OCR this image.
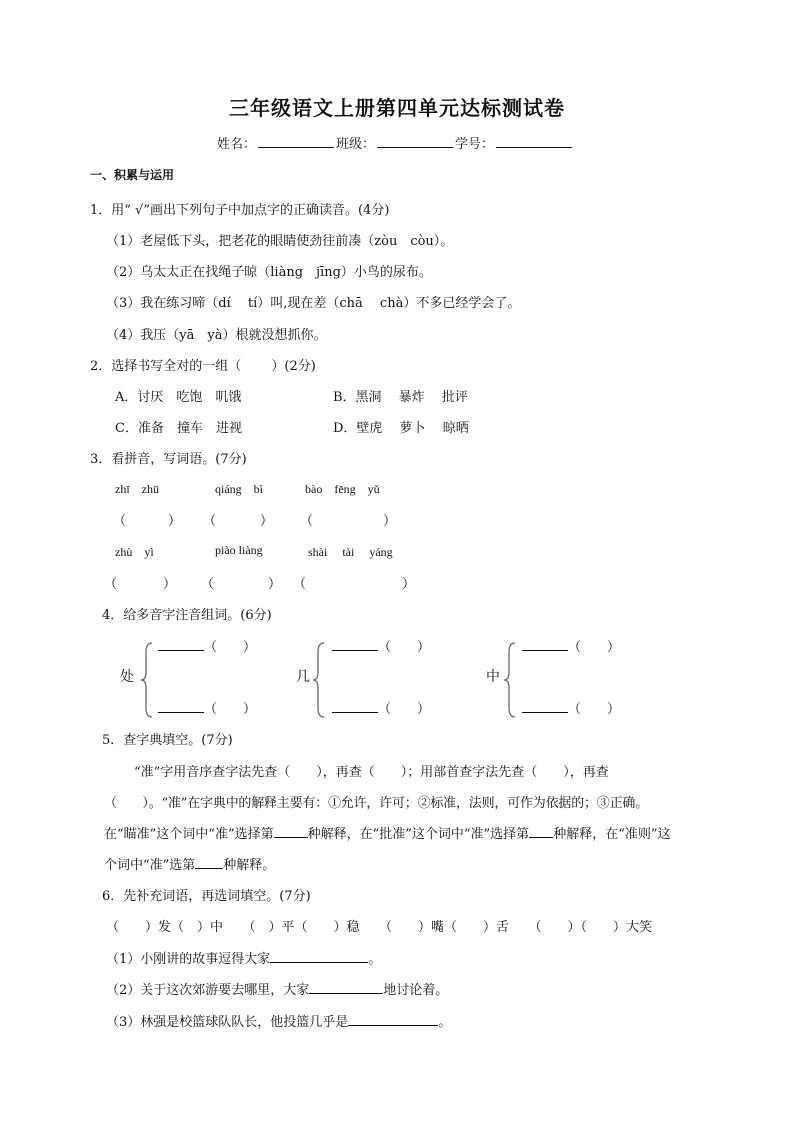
三年级语文上册第四单元达标测试卷
姓名：	班级：	学号：
一、积累与运用
1．用“ √”画出下列句子中加点字的正确读音。(4分)
（1）老屋低下头，把老花的眼睛使劲往前凑（zòu　còu）。
（2）乌太太正在找绳子晾（liàng　jīng）小鸟的尿布。
（3）我在练习啼（dí　 tí）叫,现在差（chā　 chà）不多已经学会了。
（4）我压（yā　yà）根就没想抓你。
2．选择书写全对的一组（　　 ）(2分)
A．讨厌　吃饱　叽饿	B．黑洞　 暴炸　 批评
C．准备　撞车　进视	D．壁虎　 萝卜　 晾晒
3．看拼音，写词语。(7分)
zhī　zhū	qiáng　bì	bào　fēng　yǔ
（	） （	） （	）
zhù　yì	piào liàng	shài　 tài　 yáng
（	） （	） （	）
4．给多音字注音组词。(6分)
处
（　　）
（　　）
几
（　　）
（　　）
中
（　　）
（　　）
5．查字典填空。(7分)
“准”字用音序查字法先查（　　），再查（　　）；用部首查字法先查（　　），再查
（　　）。“准”在字典中的解释主要有：①允许，许可；②标准，法则，可作为依据的；③正确。
在“瞄准”这个词中“准”选择第	种解释，在“批准”这个词中“准”选择第 种解释，在“准则”这
个词中“准”选第 种解释。
6．先补充词语，再选词填空。(7分)
（　　）发（　）中　　（　）平（　　）稳　　（　　）嘴（　　）舌　　（　　）（　　）大笑
（1）小刚讲的故事逗得大家	。
（2）关于这次郊游要去哪里，大家	地讨论着。
（3）林强是校篮球队队长，他投篮几乎是	。
